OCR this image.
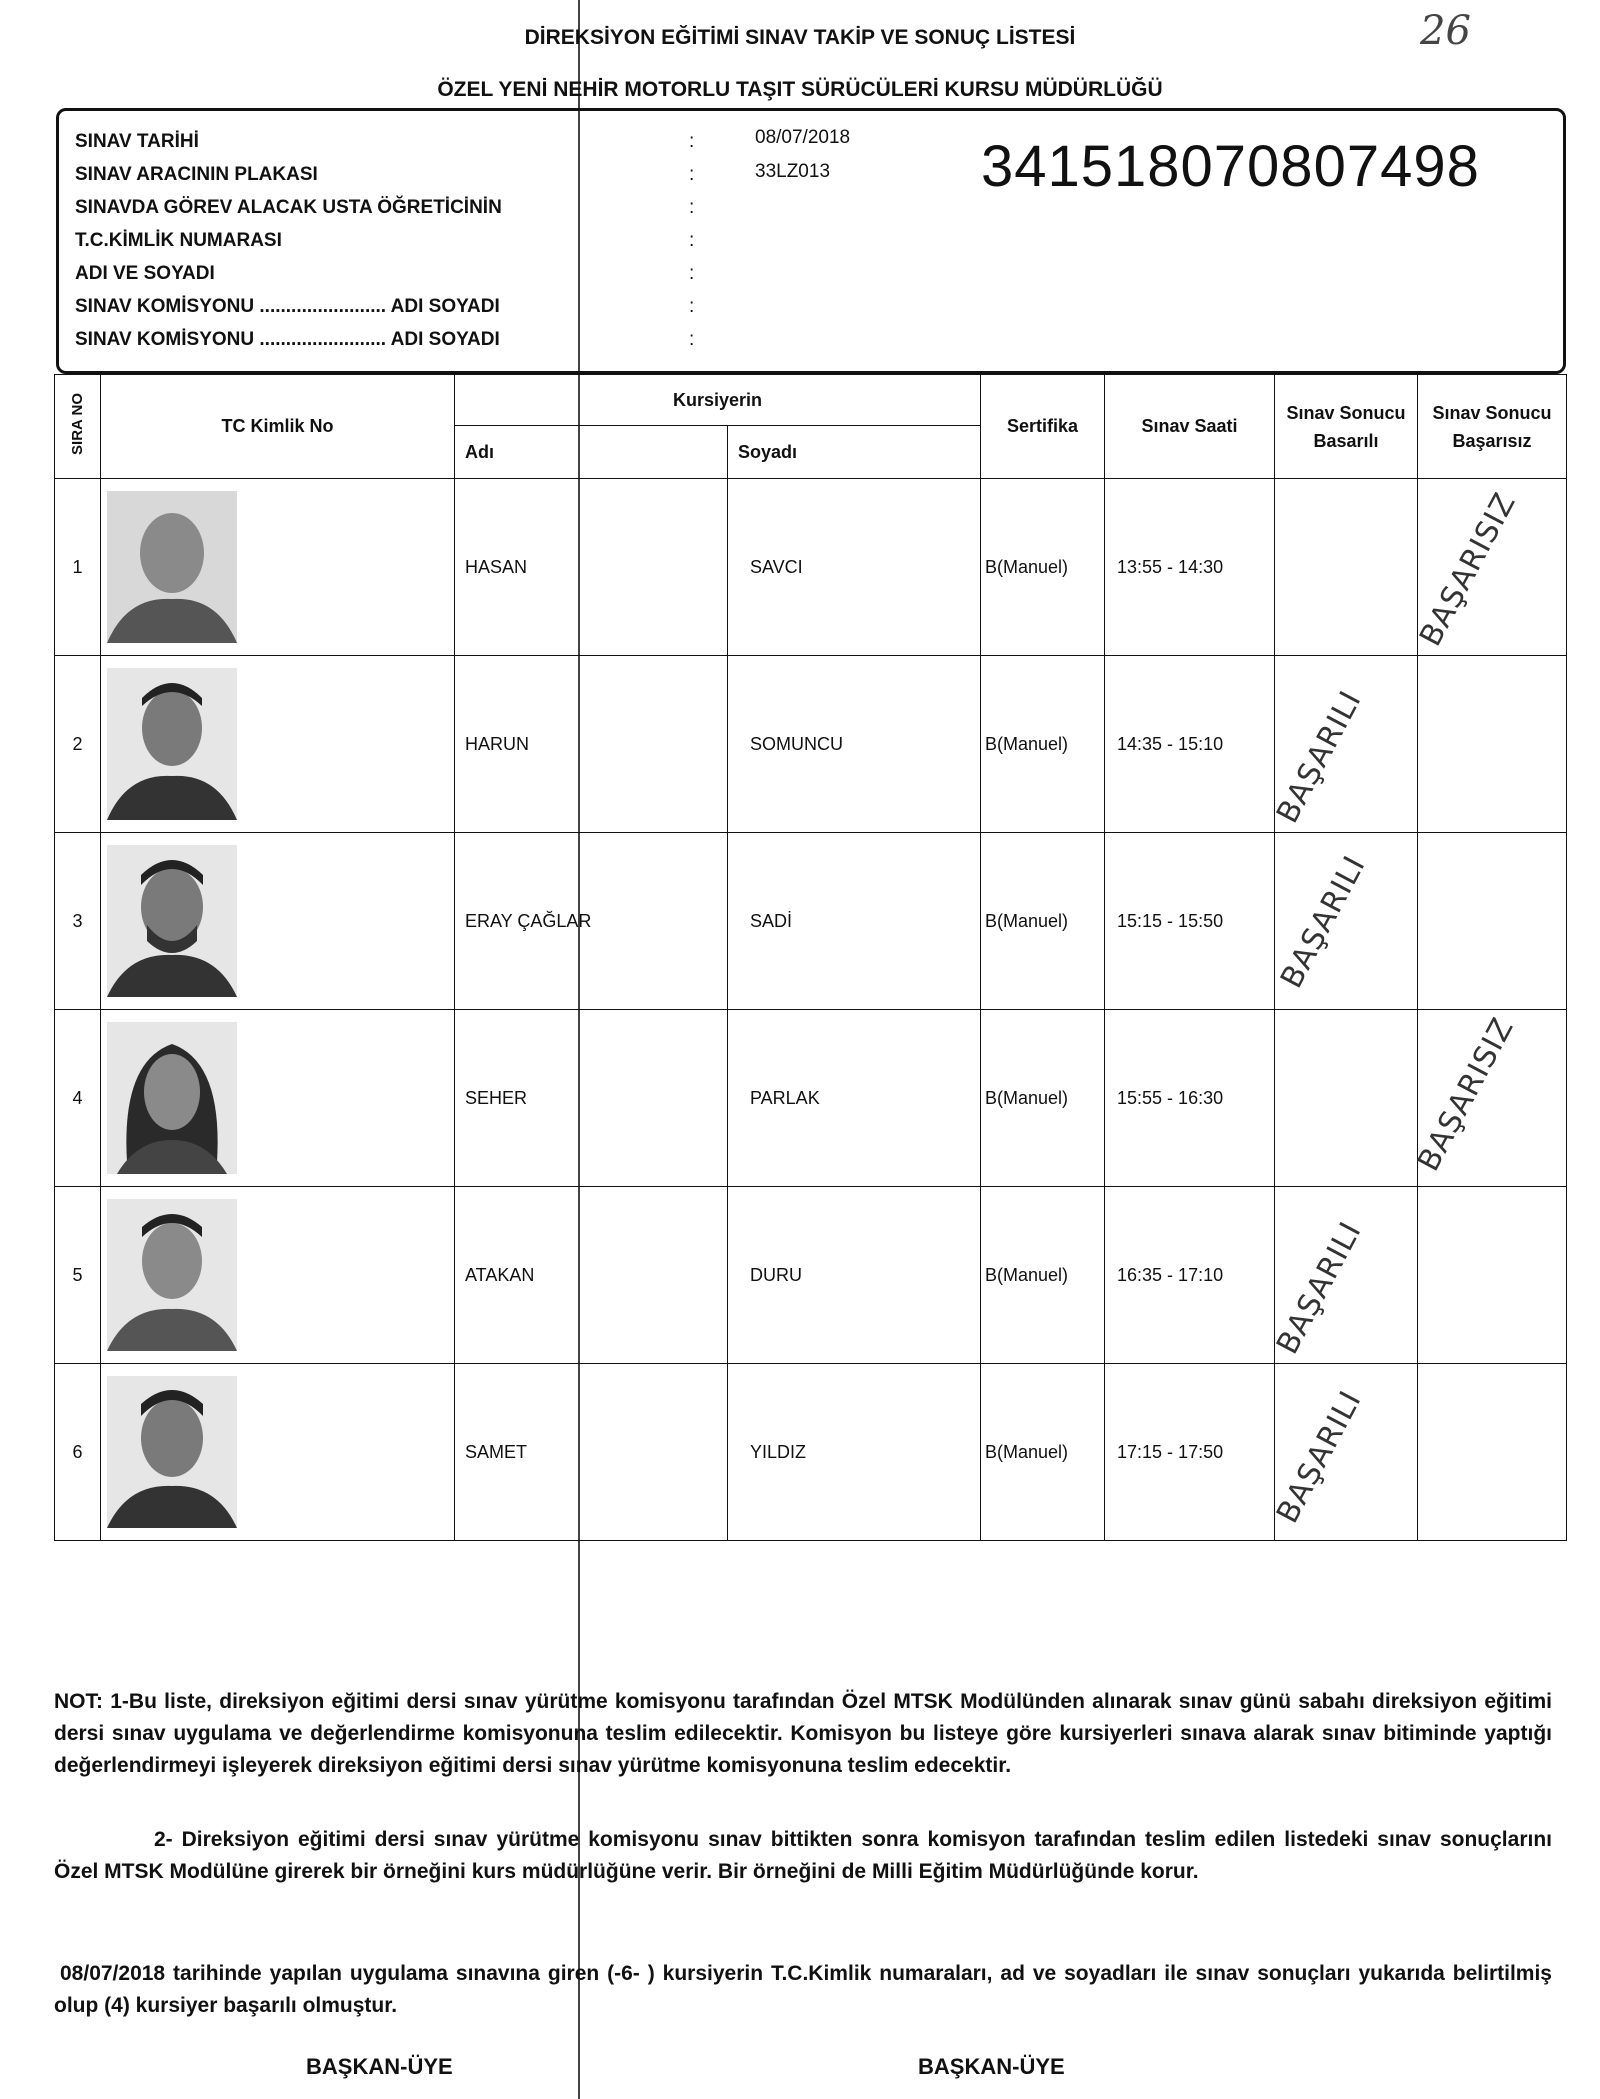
DİREKSİYON EĞİTİMİ SINAV TAKİP VE SONUÇ LİSTESİ
ÖZEL YENİ NEHİR MOTORLU TAŞIT SÜRÜCÜLERİ KURSU MÜDÜRLÜĞÜ
26
SINAV TARİHİ	:	08/07/2018
SINAV ARACININ PLAKASI	:	33LZ013
SINAVDA GÖREV ALACAK USTA ÖĞRETİCİNİN	:
T.C.KİMLİK NUMARASI	:
ADI VE SOYADI	:
SINAV KOMİSYONU ........................ ADI SOYADI	:
SINAV KOMİSYONU ........................ ADI SOYADI	:
341518070807498
SIRA NO	TC Kimlik No	Kursiyerin		Sertifika	Sınav Saati	Sınav Sonucu Basarılı	Sınav Sonucu Başarısız
		Adı	Soyadı				
1		HASAN	SAVCI	B(Manuel)	13:55 - 14:30		BAŞARISIZ

2		HARUN	SOMUNCU	B(Manuel)	14:35 - 15:10	BAŞARILI	

3		ERAY ÇAĞLAR	SADİ	B(Manuel)	15:15 - 15:50	BAŞARILI	

4		SEHER	PARLAK	B(Manuel)	15:55 - 16:30		BAŞARISIZ

5		ATAKAN	DURU	B(Manuel)	16:35 - 17:10	BAŞARILI	

6		SAMET	YILDIZ	B(Manuel)	17:15 - 17:50	BAŞARILI	

NOT: 1-Bu liste, direksiyon eğitimi dersi sınav yürütme komisyonu tarafından Özel MTSK Modülünden alınarak sınav günü sabahı direksiyon eğitimi dersi sınav uygulama ve değerlendirme komisyonuna teslim edilecektir. Komisyon bu listeye göre kursiyerleri sınava alarak sınav bitiminde yaptığı değerlendirmeyi işleyerek direksiyon eğitimi dersi sınav yürütme komisyonuna teslim edecektir.

2- Direksiyon eğitimi dersi sınav yürütme komisyonu sınav bittikten sonra komisyon tarafından teslim edilen listedeki sınav sonuçlarını Özel MTSK Modülüne girerek bir örneğini kurs müdürlüğüne verir. Bir örneğini de Milli Eğitim Müdürlüğünde korur.

08/07/2018 tarihinde yapılan uygulama sınavına giren (-6- ) kursiyerin T.C.Kimlik numaraları, ad ve soyadları ile sınav sonuçları yukarıda belirtilmiş olup (4) kursiyer başarılı olmuştur.

BAŞKAN-ÜYE	BAŞKAN-ÜYE
